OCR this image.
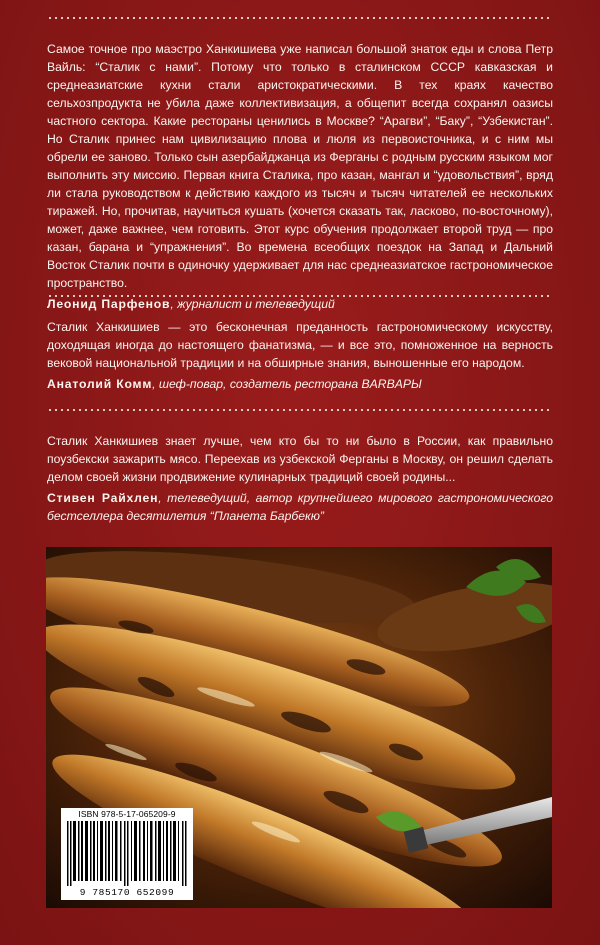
Самое точное про маэстро Ханкишиева уже написал большой знаток еды и слова Петр Вайль: “Сталик с нами”. Потому что только в сталинском СССР кавказская и среднеазиатские кухни стали аристократическими. В тех краях качество сельхозпродукта не убила даже коллективизация, а общепит всегда сохранял оазисы частного сектора. Какие рестораны ценились в Москве? “Арагви”, “Баку”, “Узбекистан”. Но Сталик принес нам цивилизацию плова и люля из первоисточника, и с ним мы обрели ее заново. Только сын азербайджанца из Ферганы с родным русским языком мог выполнить эту миссию. Первая книга Сталика, про казан, мангал и “удовольствия”, вряд ли стала руководством к действию каждого из тысяч и тысяч читателей ее нескольких тиражей. Но, прочитав, научиться кушать (хочется сказать так, ласково, по-восточному), может, даже важнее, чем готовить. Этот курс обучения продолжает второй труд — про казан, барана и “упражнения”. Во времена всеобщих поездок на Запад и Дальний Восток Сталик почти в одиночку удерживает для нас среднеазиатское гастрономическое пространство.
Леонид Парфенов, журналист и телеведущий
Сталик Ханкишиев — это бесконечная преданность гастрономическому искусству, доходящая иногда до настоящего фанатизма, — и все это, помноженное на верность вековой национальной традиции и на обширные знания, выношенные его народом.
Анатолий Комм, шеф-повар, создатель ресторана BARBAРЫ
Сталик Ханкишиев знает лучше, чем кто бы то ни было в России, как правильно поузбекски зажарить мясо. Переехав из узбекской Ферганы в Москву, он решил сделать делом своей жизни продвижение кулинарных традиций своей родины...
Стивен Райхлен, телеведущий, автор крупнейшего мирового гастрономического бестселлера десятилетия “Планета Барбекю”
ISBN 978-5-17-065209-9
9 785170 652099
